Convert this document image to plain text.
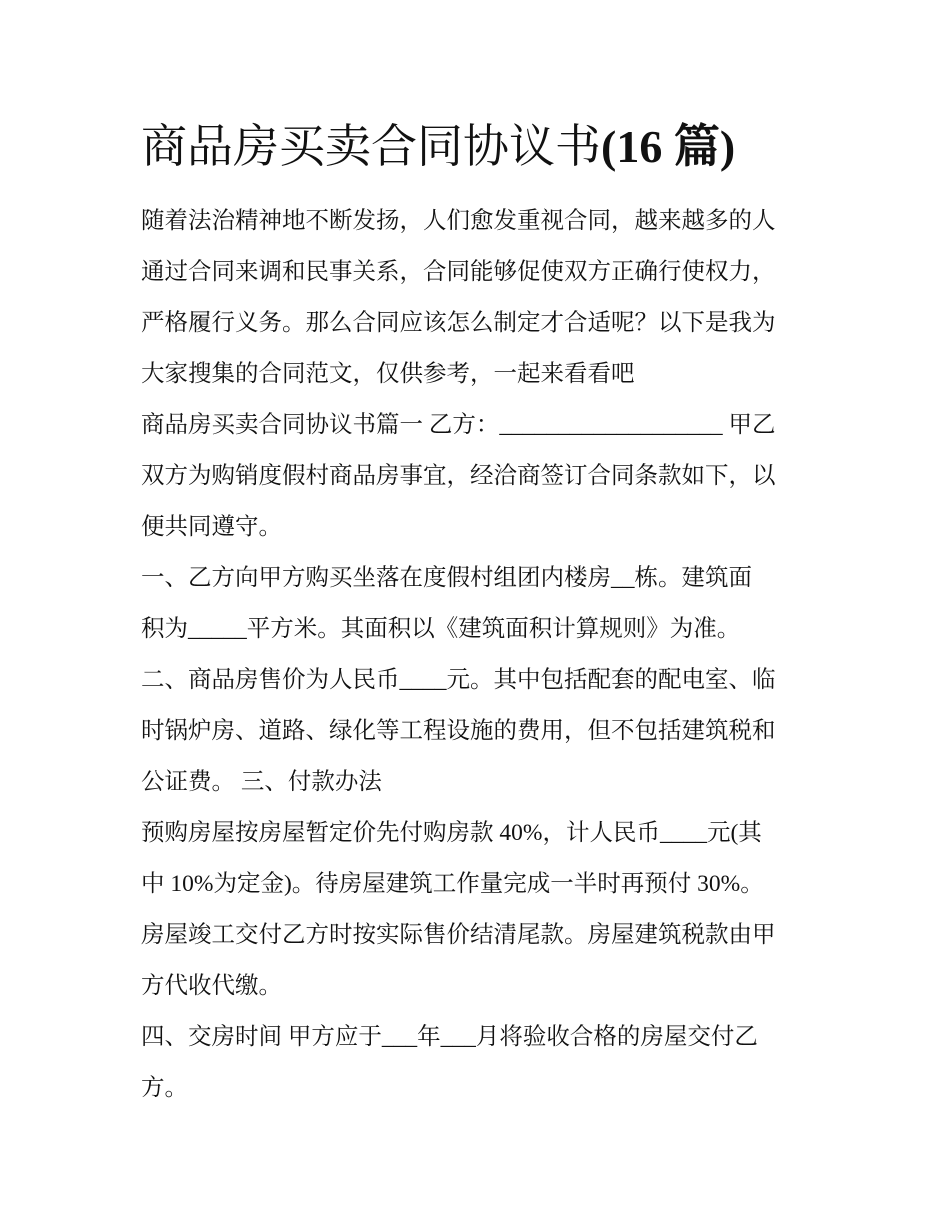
商品房买卖合同协议书(16 篇)
随着法治精神地不断发扬，人们愈发重视合同，越来越多的人
通过合同来调和民事关系，合同能够促使双方正确行使权力，
严格履行义务。那么合同应该怎么制定才合适呢？以下是我为
大家搜集的合同范文，仅供参考，一起来看看吧
商品房买卖合同协议书篇一 乙方：___________________ 甲乙
双方为购销度假村商品房事宜，经洽商签订合同条款如下，以
便共同遵守。
一、乙方向甲方购买坐落在度假村组团内楼房__栋。建筑面
积为_____平方米。其面积以《建筑面积计算规则》为准。
二、商品房售价为人民币____元。其中包括配套的配电室、临
时锅炉房、道路、绿化等工程设施的费用，但不包括建筑税和
公证费。 三、付款办法
预购房屋按房屋暂定价先付购房款 40%，计人民币____元(其
中 10%为定金)。待房屋建筑工作量完成一半时再预付 30%。
房屋竣工交付乙方时按实际售价结清尾款。房屋建筑税款由甲
方代收代缴。
四、交房时间 甲方应于___年___月将验收合格的房屋交付乙
方。
